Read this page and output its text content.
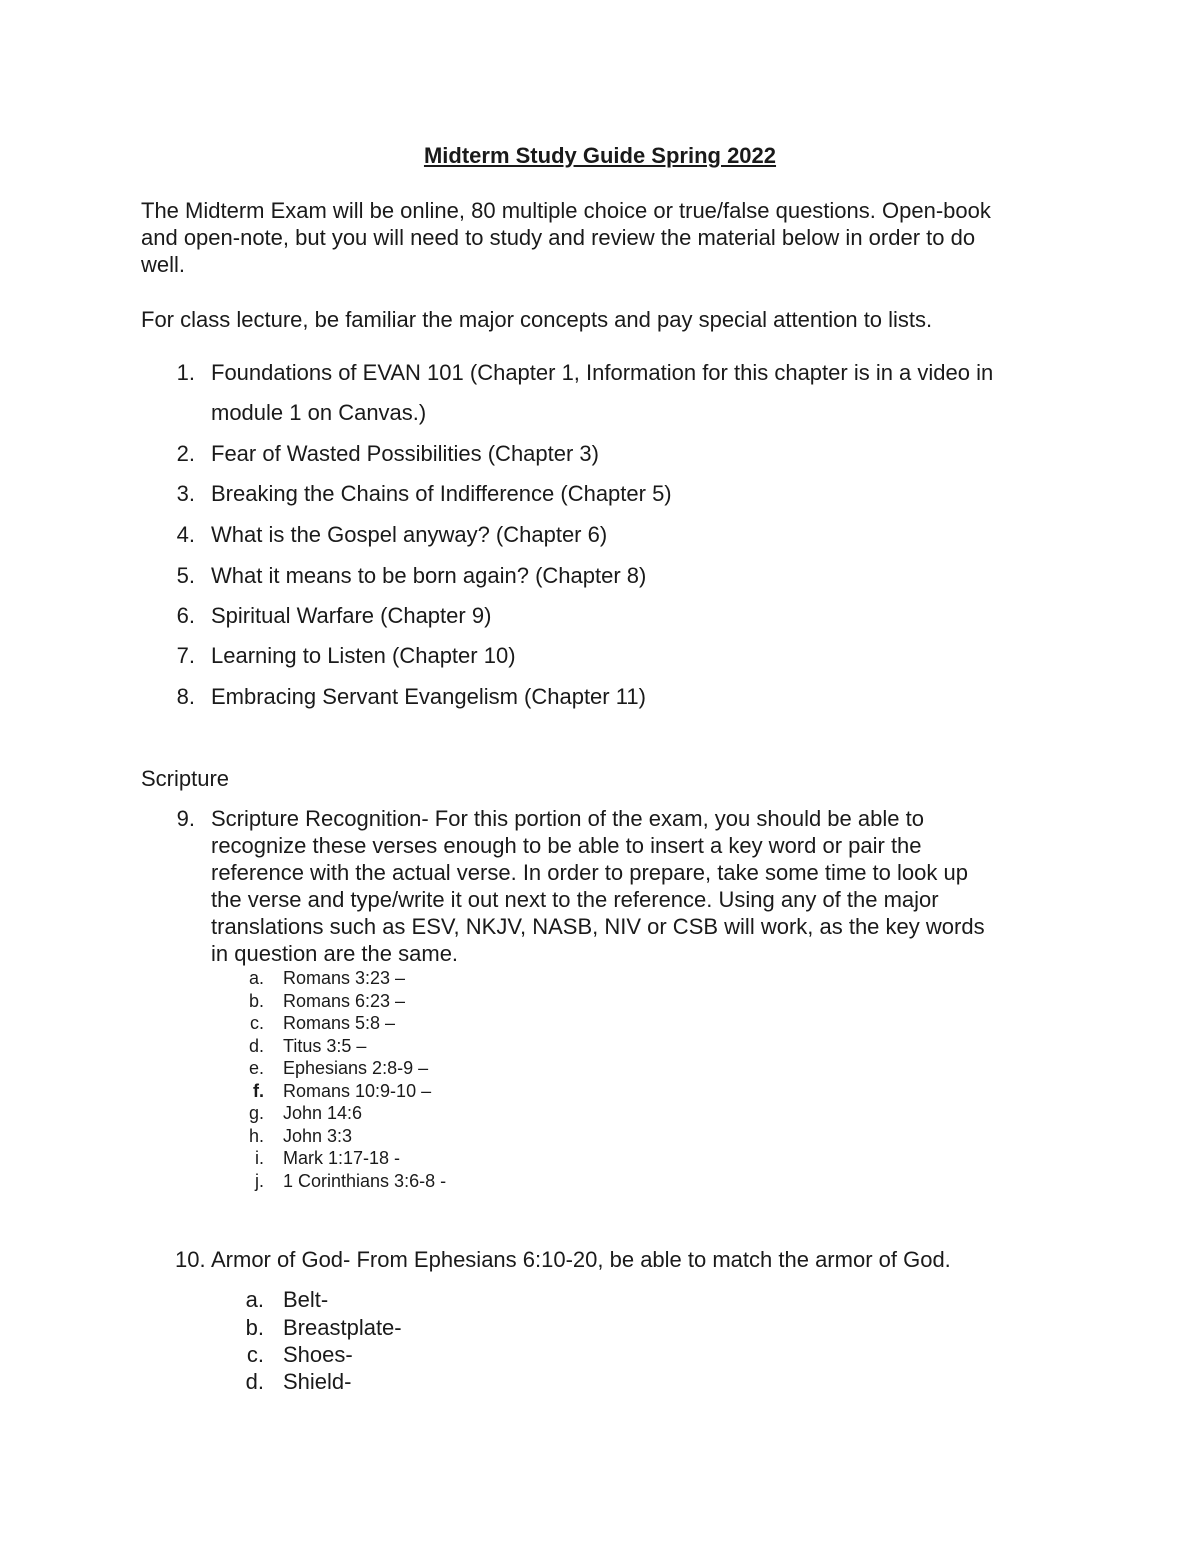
Midterm Study Guide Spring 2022
The Midterm Exam will be online, 80 multiple choice or true/false questions. Open-book
and open-note, but you will need to study and review the material below in order to do
well.
For class lecture, be familiar the major concepts and pay special attention to lists.
1. Foundations of EVAN 101 (Chapter 1, Information for this chapter is in a video in
module 1 on Canvas.)
2. Fear of Wasted Possibilities (Chapter 3)
3. Breaking the Chains of Indifference (Chapter 5)
4. What is the Gospel anyway? (Chapter 6)
5. What it means to be born again? (Chapter 8)
6. Spiritual Warfare (Chapter 9)
7. Learning to Listen (Chapter 10)
8. Embracing Servant Evangelism (Chapter 11)
Scripture
9. Scripture Recognition- For this portion of the exam, you should be able to
recognize these verses enough to be able to insert a key word or pair the
reference with the actual verse. In order to prepare, take some time to look up
the verse and type/write it out next to the reference. Using any of the major
translations such as ESV, NKJV, NASB, NIV or CSB will work, as the key words
in question are the same.
a. Romans 3:23 –
b. Romans 6:23 –
c. Romans 5:8 –
d. Titus 3:5 –
e. Ephesians 2:8-9 –
f. Romans 10:9-10 –
g. John 14:6
h. John 3:3
i. Mark 1:17-18 -
j. 1 Corinthians 3:6-8 -
10. Armor of God- From Ephesians 6:10-20, be able to match the armor of God.
a. Belt-
b. Breastplate-
c. Shoes-
d. Shield-
